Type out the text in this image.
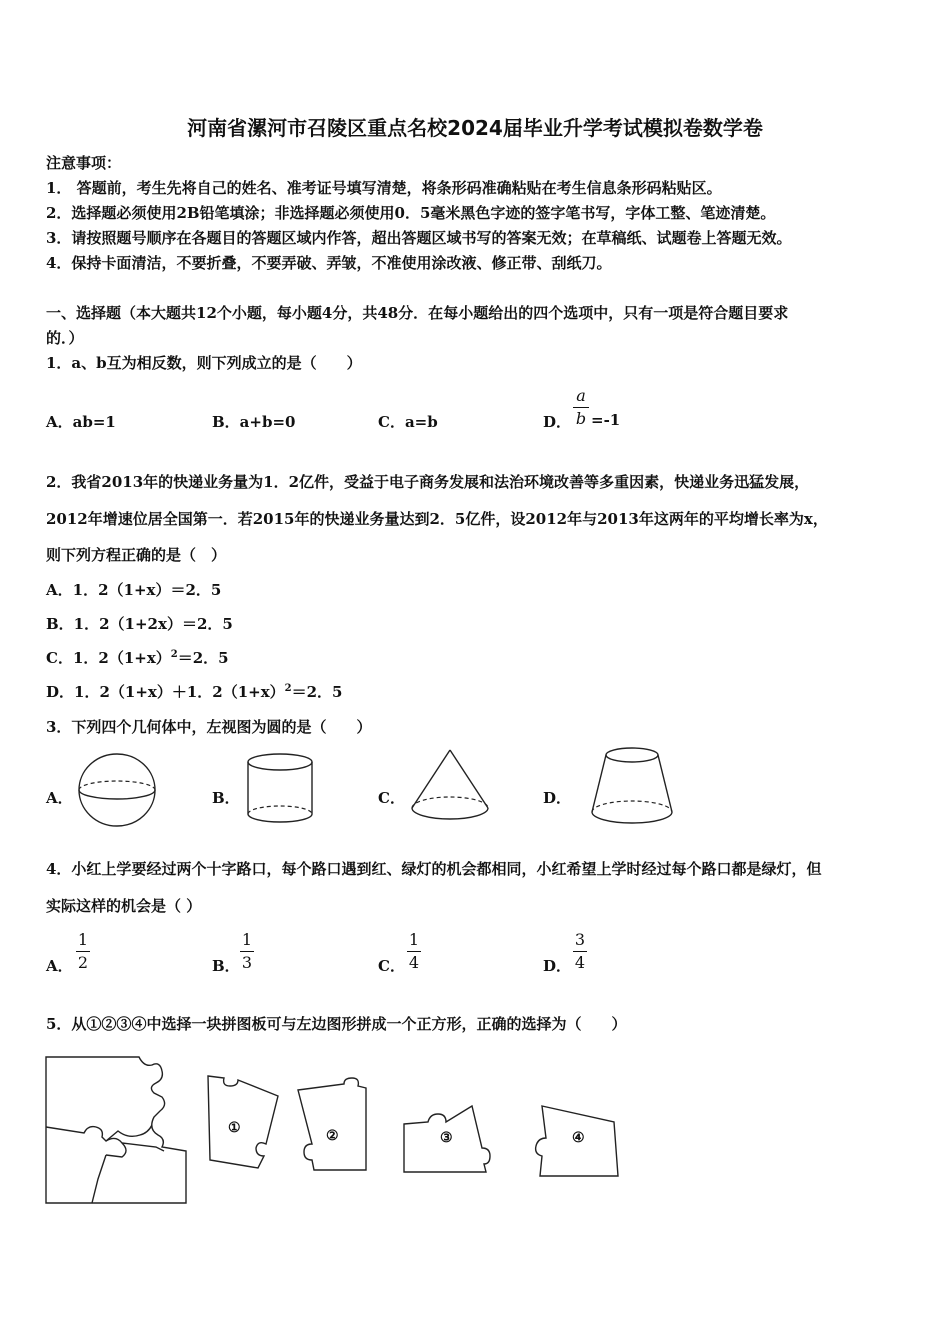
河南省漯河市召陵区重点名校2024届毕业升学考试模拟卷数学卷
注意事项：
1． 答题前，考生先将自己的姓名、准考证号填写清楚，将条形码准确粘贴在考生信息条形码粘贴区。
2．选择题必须使用2B铅笔填涂；非选择题必须使用0．5毫米黑色字迹的签字笔书写，字体工整、笔迹清楚。
3．请按照题号顺序在各题目的答题区域内作答，超出答题区域书写的答案无效；在草稿纸、试题卷上答题无效。
4．保持卡面清洁，不要折叠，不要弄破、弄皱，不准使用涂改液、修正带、刮纸刀。
一、选择题（本大题共12个小题，每小题4分，共48分．在每小题给出的四个选项中，只有一项是符合题目要求
的．）
1．a、b互为相反数，则下列成立的是（　　）
A．ab=1	B．a+b=0	C．a=b	D．
a
b =-1
2．我省2013年的快递业务量为1．2亿件，受益于电子商务发展和法治环境改善等多重因素，快递业务迅猛发展，
2012年增速位居全国第一．若2015年的快递业务量达到2．5亿件，设2012年与2013年这两年的平均增长率为x，
则下列方程正确的是（　）
A．1．2（1+x）＝2．5
B．1．2（1+2x）＝2．5
C．1．$2(1+x)^2=2$．5
D．1．2（1+x）＋1．$2(1+x)^2=2$．5
3．下列四个几何体中，左视图为圆的是（　　）
A．	B．	C．	D．
4．小红上学要经过两个十字路口，每个路口遇到红、绿灯的机会都相同，小红希望上学时经过每个路口都是绿灯，但
实际这样的机会是（ ）
A．
1
2	B．
1
3	C．
1
4	D．
3
4
5．从①②③④中选择一块拼图板可与左边图形拼成一个正方形，正确的选择为（　　）
①	②	③	④
